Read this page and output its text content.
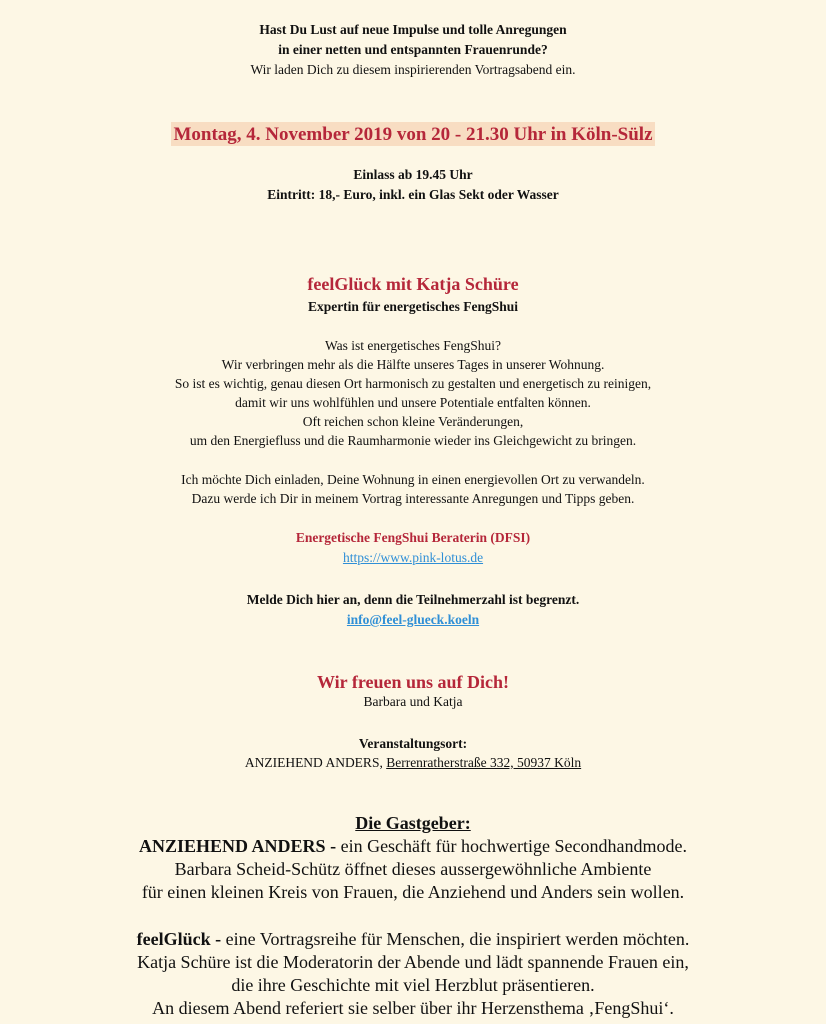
Hast Du Lust auf neue Impulse und tolle Anregungen
in einer netten und entspannten Frauenrunde?
Wir laden Dich zu diesem inspirierenden Vortragsabend ein.
Montag, 4. November 2019 von 20 - 21.30 Uhr in Köln-Sülz
Einlass ab 19.45 Uhr
Eintritt: 18,- Euro, inkl. ein Glas Sekt oder Wasser
feelGlück mit Katja Schüre
Expertin für energetisches FengShui
Was ist energetisches FengShui?
Wir verbringen mehr als die Hälfte unseres Tages in unserer Wohnung.
So ist es wichtig, genau diesen Ort harmonisch zu gestalten und energetisch zu reinigen,
damit wir uns wohlfühlen und unsere Potentiale entfalten können.
Oft reichen schon kleine Veränderungen,
um den Energiefluss und die Raumharmonie wieder ins Gleichgewicht zu bringen.
Ich möchte Dich einladen, Deine Wohnung in einen energievollen Ort zu verwandeln.
Dazu werde ich Dir in meinem Vortrag interessante Anregungen und Tipps geben.
Energetische FengShui Beraterin (DFSI)
https://www.pink-lotus.de
Melde Dich hier an, denn die Teilnehmerzahl ist begrenzt.
info@feel-glueck.koeln
Wir freuen uns auf Dich!
Barbara und Katja
Veranstaltungsort:
ANZIEHEND ANDERS, Berrenratherstraße 332, 50937 Köln
Die Gastgeber:
ANZIEHEND ANDERS - ein Geschäft für hochwertige Secondhandmode.
Barbara Scheid-Schütz öffnet dieses aussergewöhnliche Ambiente
für einen kleinen Kreis von Frauen, die Anziehend und Anders sein wollen.
feelGlück - eine Vortragsreihe für Menschen, die inspiriert werden möchten.
Katja Schüre ist die Moderatorin der Abende und lädt spannende Frauen ein,
die ihre Geschichte mit viel Herzblut präsentieren.
An diesem Abend referiert sie selber über ihr Herzensthema ‚FengShui‘.
